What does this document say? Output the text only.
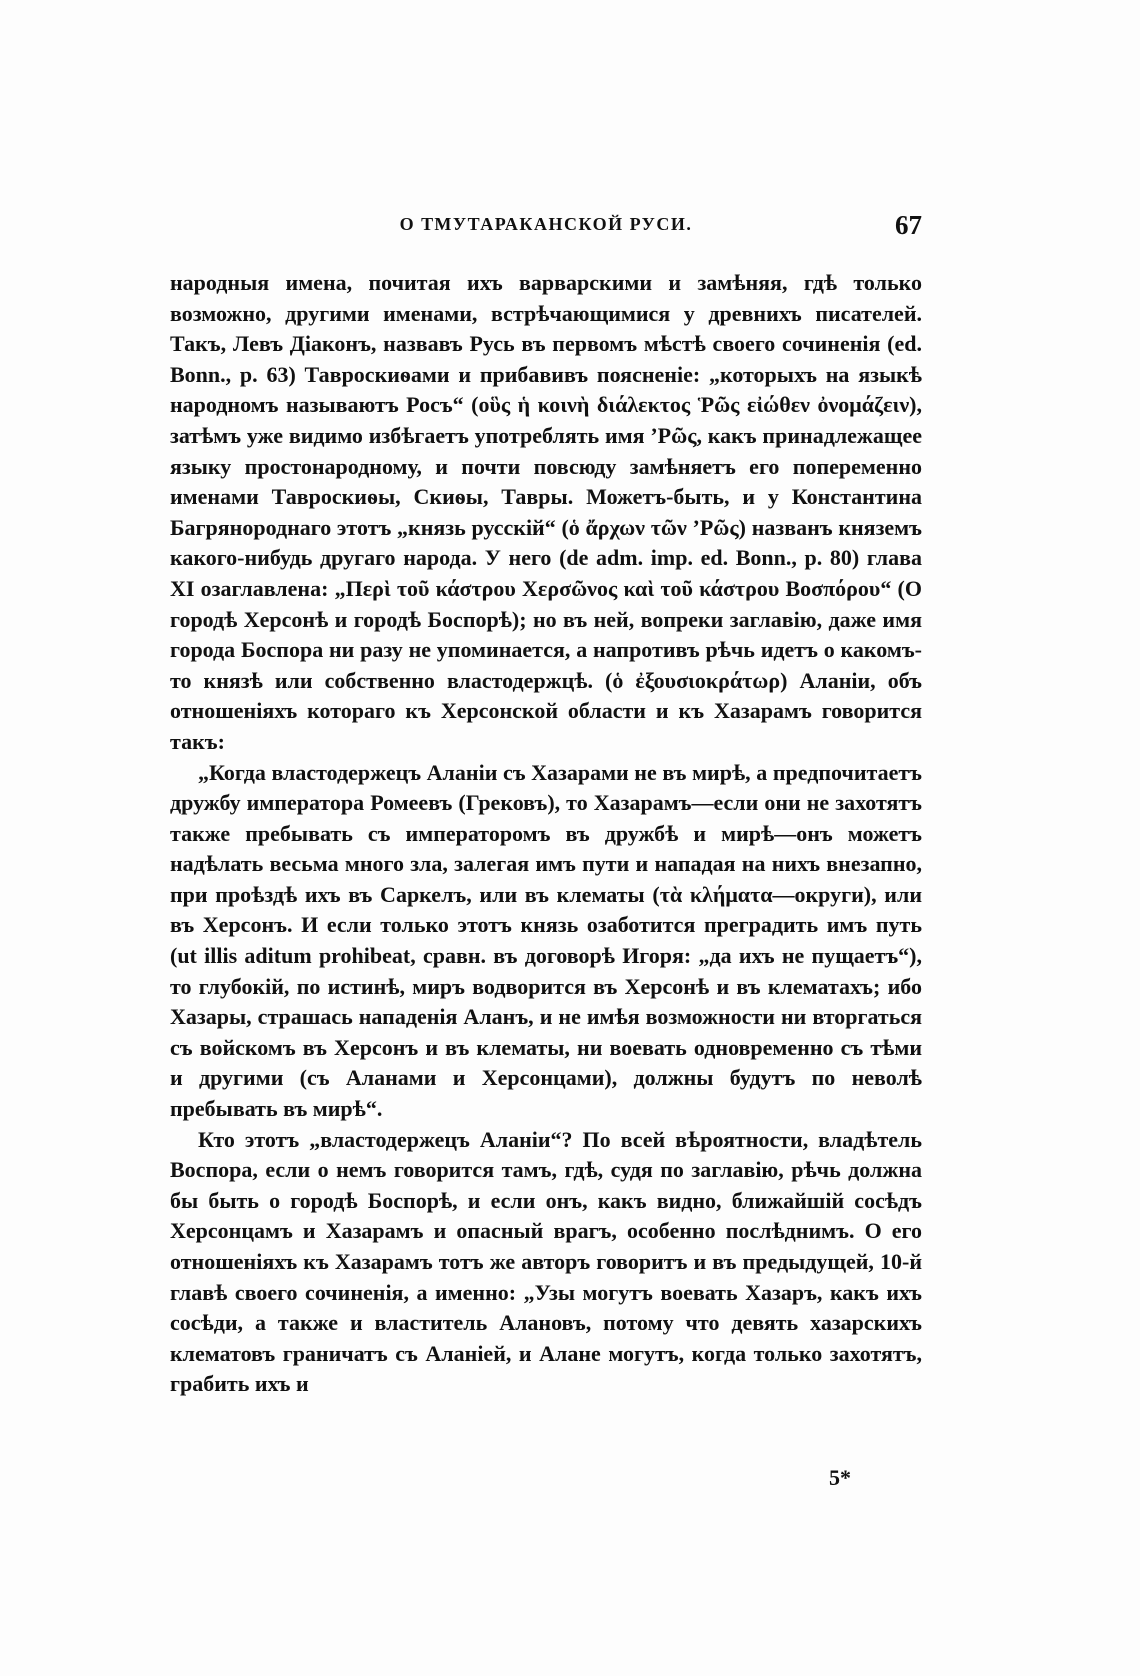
О ТМУТАРАКАНСКОЙ РУСИ.	67

народныя имена, почитая ихъ варварскими и замѣняя, гдѣ только возможно, другими именами, встрѣчающимися у древнихъ писателей. Такъ, Левъ Діаконъ, назвавъ Русь въ первомъ мѣстѣ своего сочиненія (ed. Bonn., p. 63) Тавроскиѳами и прибавивъ поясненіе: „которыхъ на языкѣ народномъ называютъ Росъ“ (οὓς ἡ κοινὴ διάλεκτος Ῥῶς εἰώθεν ὀνομάζειν), затѣмъ уже видимо избѣгаетъ употреблять имя ’Ρῶς, какъ принадлежащее языку простонародному, и почти повсюду замѣняетъ его попеременно именами Тавроскиѳы, Скиѳы, Тавры. Можетъ-быть, и у Константина Багрянороднаго этотъ „князь русскій“ (ὁ ἄρχων τῶν ’Ρῶς) названъ княземъ какого-нибудь другаго народа. У него (de adm. imp. ed. Bonn., p. 80) глава XI озаглавлена: „Περὶ τοῦ κάστρου Χερσῶνος καὶ τοῦ κάστρου Βοσπόρου“ (О городѣ Херсонѣ и городѣ Боспорѣ); но въ ней, вопреки заглавію, даже имя города Боспора ни разу не упоминается, а напротивъ рѣчь идетъ о какомъ-то князѣ или собственно властодержцѣ. (ὁ ἐξουσιοκράτωρ) Аланіи, объ отношеніяхъ котораго къ Херсонской области и къ Хазарамъ говорится такъ:

„Когда властодержецъ Аланіи съ Хазарами не въ мирѣ, а предпочитаетъ дружбу императора Ромеевъ (Грековъ), то Хазарамъ—если они не захотятъ также пребывать съ императоромъ въ дружбѣ и мирѣ—онъ можетъ надѣлать весьма много зла, залегая имъ пути и нападая на нихъ внезапно, при проѣздѣ ихъ въ Саркелъ, или въ клематы (τὰ κλήματα—округи), или въ Херсонъ. И если только этотъ князь озаботится преградить имъ путь (ut illis aditum prohibeat, сравн. въ договорѣ Игоря: „да ихъ не пущаетъ“), то глубокій, по истинѣ, миръ водворится въ Херсонѣ и въ клематахъ; ибо Хазары, страшась нападенія Аланъ, и не имѣя возможности ни вторгаться съ войскомъ въ Херсонъ и въ клематы, ни воевать одновременно съ тѣми и другими (съ Аланами и Херсонцами), должны будутъ по неволѣ пребывать въ мирѣ“.

Кто этотъ „властодержецъ Аланіи“? По всей вѣроятности, владѣтель Воспора, если о немъ говорится тамъ, гдѣ, судя по заглавію, рѣчь должна бы быть о городѣ Боспорѣ, и если онъ, какъ видно, ближайшій сосѣдъ Херсонцамъ и Хазарамъ и опасный врагъ, особенно послѣднимъ. О его отношеніяхъ къ Хазарамъ тотъ же авторъ говоритъ и въ предыдущей, 10-й главѣ своего сочиненія, а именно: „Узы могутъ воевать Хазаръ, какъ ихъ сосѣди, а также и властитель Алановъ, потому что девять хазарскихъ клематовъ граничатъ съ Аланіей, и Алане могутъ, когда только захотятъ, грабить ихъ и

5*
